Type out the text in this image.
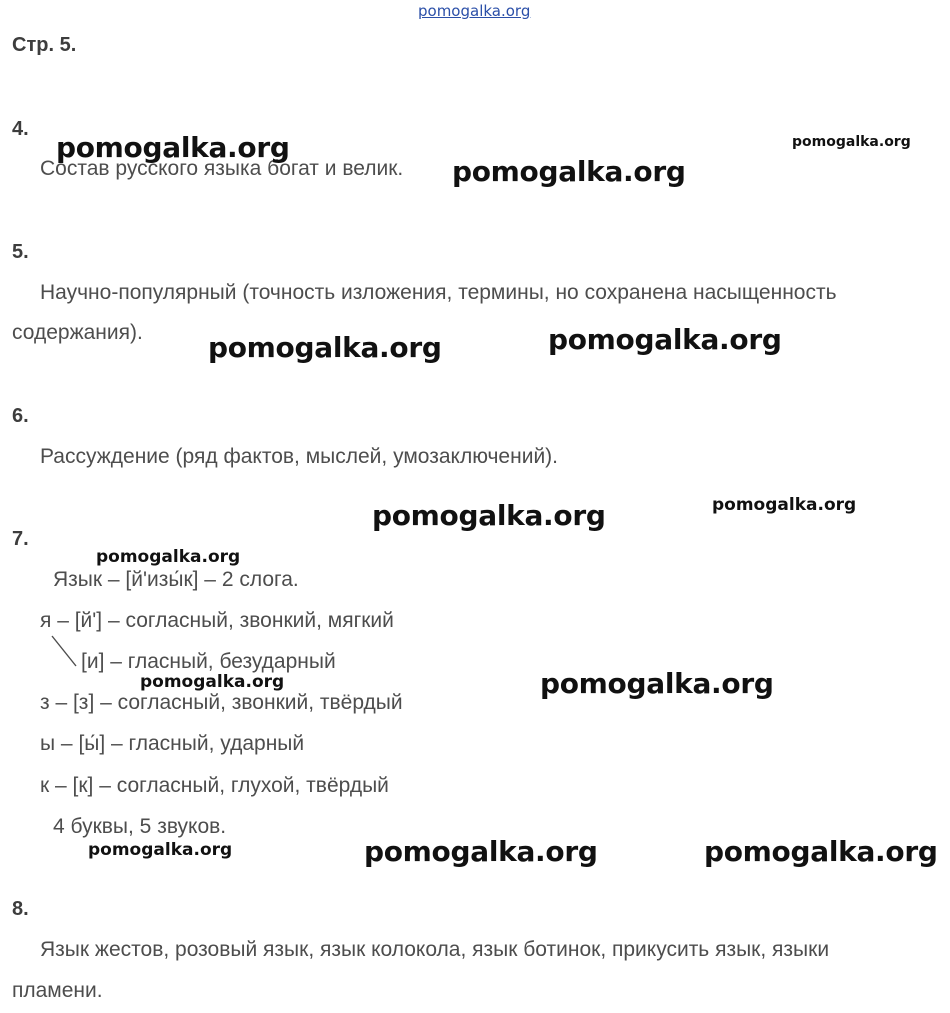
pomogalka.org
Стр. 5.
4.
Состав русского языка богат и велик.
5.
Научно-популярный (точность изложения, термины, но сохранена насыщенность
содержания).
6.
Рассуждение (ряд фактов, мыслей, умозаключений).
7.
Язык – [й'изы́к] – 2 слога.
я – [й'] – согласный, звонкий, мягкий
[и] – гласный, безударный
з – [з] – согласный, звонкий, твёрдый
ы – [ы́] – гласный, ударный
к – [к] – согласный, глухой, твёрдый
4 буквы, 5 звуков.
8.
Язык жестов, розовый язык, язык колокола, язык ботинок, прикусить язык, языки
пламени.
pomogalka.org	pomogalka.org
pomogalka.org
pomogalka.org
pomogalka.org
pomogalka.org
pomogalka.org
pomogalka.org
pomogalka.org	pomogalka.org
pomogalka.org	pomogalka.org	pomogalka.org
